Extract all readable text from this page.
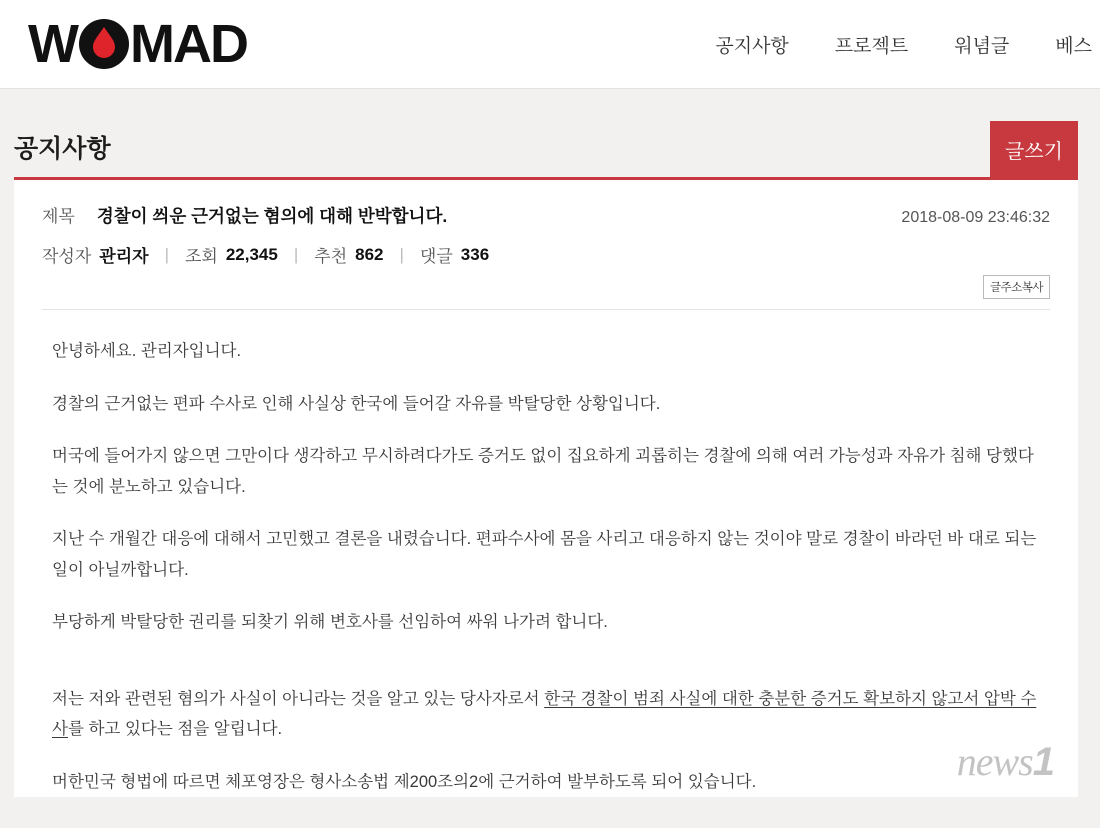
W MAD	공지사항 프로젝트 워념글 베스
공지사항	글쓰기
제목 경찰이 씌운 근거없는 혐의에 대해 반박합니다.	2018-08-09 23:46:32
작성자 관리자 | 조회 22,345 | 추천 862 | 댓글 336
글주소복사

안녕하세요. 관리자입니다.

경찰의 근거없는 편파 수사로 인해 사실상 한국에 들어갈 자유를 박탈당한 상황입니다.

머국에 들어가지 않으면 그만이다 생각하고 무시하려다가도 증거도 없이 집요하게 괴롭히는 경찰에 의해 여러 가능성과 자유가 침해 당했다는 것에 분노하고 있습니다.

지난 수 개월간 대응에 대해서 고민했고 결론을 내렸습니다. 편파수사에 몸을 사리고 대응하지 않는 것이야 말로 경찰이 바라던 바 대로 되는 일이 아닐까합니다.

부당하게 박탈당한 권리를 되찾기 위해 변호사를 선임하여 싸워 나가려 합니다.

저는 저와 관련된 혐의가 사실이 아니라는 것을 알고 있는 당사자로서 한국 경찰이 범죄 사실에 대한 충분한 증거도 확보하지 않고서 압박 수사를 하고 있다는 점을 알립니다.

머한민국 형법에 따르면 체포영장은 형사소송법 제200조의2에 근거하여 발부하도록 되어 있습니다.	news1
